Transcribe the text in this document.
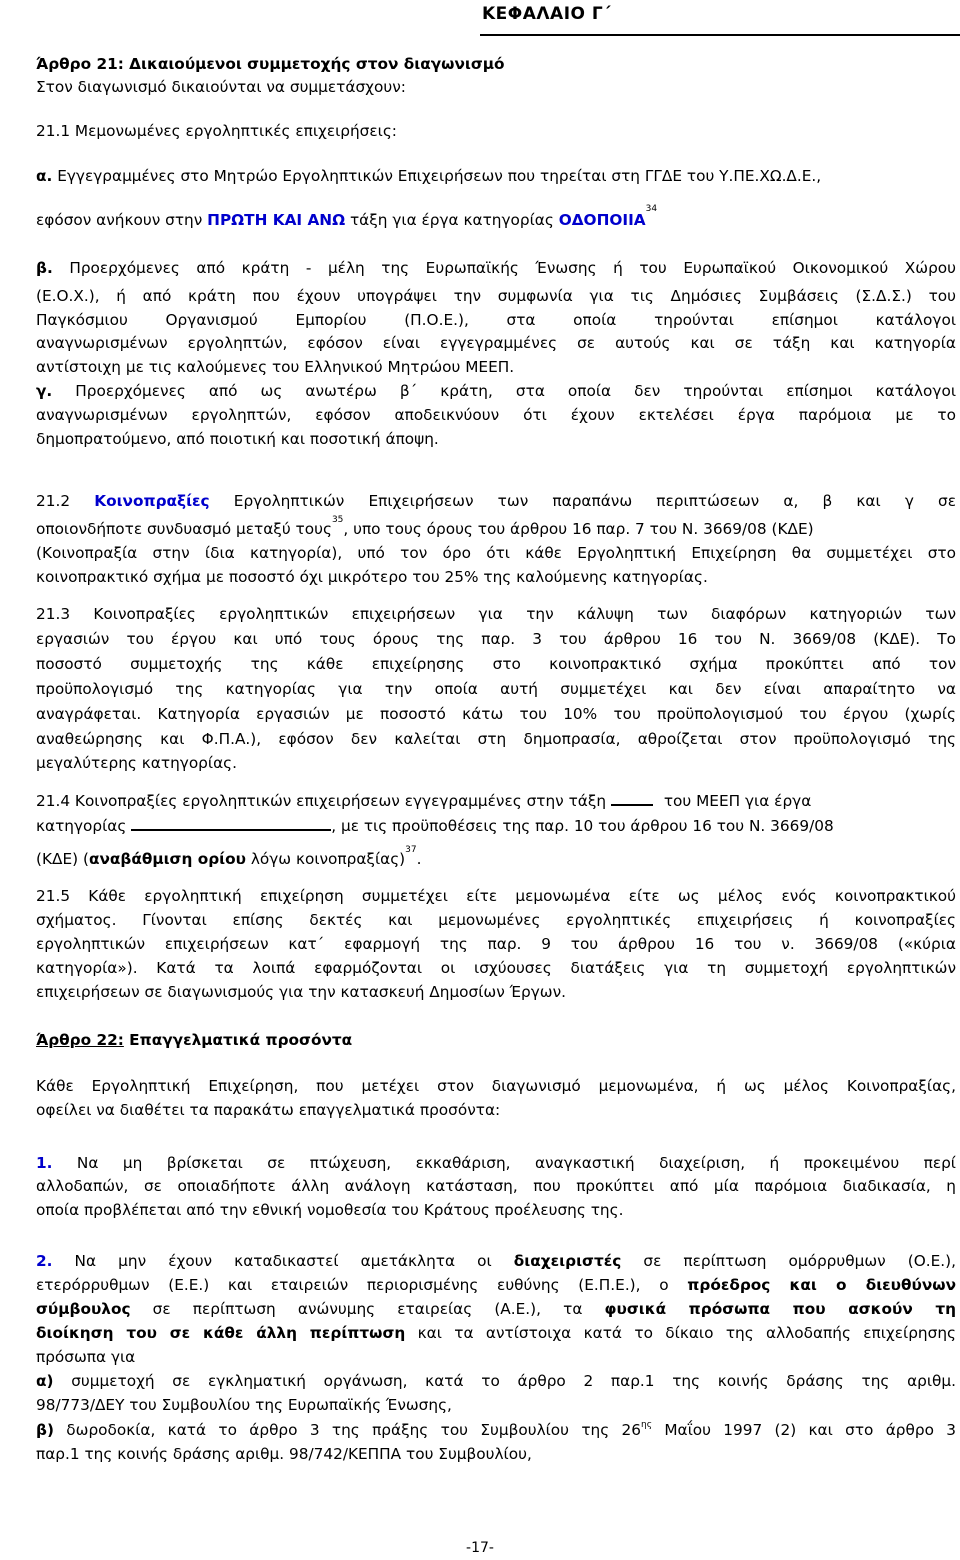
ΚΕΦΑΛΑΙΟ Γ΄
Άρθρο 21: Δικαιούμενοι συμμετοχής στον διαγωνισμό
Στον διαγωνισμό δικαιούνται να συμμετάσχουν:
21.1 Μεμονωμένες εργοληπτικές επιχειρήσεις:
α. Εγγεγραμμένες στο Μητρώο Εργοληπτικών Επιχειρήσεων που τηρείται στη ΓΓΔΕ του Υ.ΠΕ.ΧΩ.Δ.Ε.,
εφόσον ανήκουν στην ΠΡΩΤΗ ΚΑΙ ΑΝΩ τάξη για έργα κατηγορίας ΟΔΟΠΟΙΙΑ$^{34}$
β. Προερχόμενες από κράτη - μέλη της Ευρωπαϊκής Ένωσης ή του Ευρωπαϊκού Οικονομικού Χώρου
(Ε.Ο.Χ.), ή από κράτη που έχουν υπογράψει την συμφωνία για τις Δημόσιες Συμβάσεις (Σ.Δ.Σ.) του
Παγκόσμιου Οργανισμού Εμπορίου (Π.Ο.Ε.), στα οποία τηρούνται επίσημοι κατάλογοι
αναγνωρισμένων εργοληπτών, εφόσον είναι εγγεγραμμένες σε αυτούς και σε τάξη και κατηγορία
αντίστοιχη με τις καλούμενες του Ελληνικού Μητρώου ΜΕΕΠ.
γ. Προερχόμενες από ως ανωτέρω β΄ κράτη, στα οποία δεν τηρούνται επίσημοι κατάλογοι
αναγνωρισμένων εργοληπτών, εφόσον αποδεικνύουν ότι έχουν εκτελέσει έργα παρόμοια με το
δημοπρατούμενο, από ποιοτική και ποσοτική άποψη.
21.2 Κοινοπραξίες Εργοληπτικών Επιχειρήσεων των παραπάνω περιπτώσεων α, β και γ σε
οποιονδήποτε συνδυασμό μεταξύ τους$^{35}$, υπο τους όρους του άρθρου 16 παρ. 7 του Ν. 3669/08 (ΚΔΕ)
(Κοινοπραξία στην ίδια κατηγορία), υπό τον όρο ότι κάθε Εργοληπτική Επιχείρηση θα συμμετέχει στο
κοινοπρακτικό σχήμα με ποσοστό όχι μικρότερο του 25% της καλούμενης κατηγορίας.
21.3 Κοινοπραξίες εργοληπτικών επιχειρήσεων για την κάλυψη των διαφόρων κατηγοριών των
εργασιών του έργου και υπό τους όρους της παρ. 3 του άρθρου 16 του Ν. 3669/08 (ΚΔΕ). Το
ποσοστό συμμετοχής της κάθε επιχείρησης στο κοινοπρακτικό σχήμα προκύπτει από τον
προϋπολογισμό της κατηγορίας για την οποία αυτή συμμετέχει και δεν είναι απαραίτητο να
αναγράφεται. Κατηγορία εργασιών με ποσοστό κάτω του 10% του προϋπολογισμού του έργου (χωρίς
αναθεώρησης και Φ.Π.Α.), εφόσον δεν καλείται στη δημοπρασία, αθροίζεται στον προϋπολογισμό της
μεγαλύτερης κατηγορίας.
21.4 Κοινοπραξίες εργοληπτικών επιχειρήσεων εγγεγραμμένες στην τάξη	του ΜΕΕΠ για έργα
κατηγορίας	, με τις προϋποθέσεις της παρ. 10 του άρθρου 16 του Ν. 3669/08
(ΚΔΕ) (αναβάθμιση ορίου λόγω κοινοπραξίας)$^{37}$.
21.5 Κάθε εργοληπτική επιχείρηση συμμετέχει είτε μεμονωμένα είτε ως μέλος ενός κοινοπρακτικού
σχήματος. Γίνονται επίσης δεκτές και μεμονωμένες εργοληπτικές επιχειρήσεις ή κοινοπραξίες
εργοληπτικών επιχειρήσεων κατ΄ εφαρμογή της παρ. 9 του άρθρου 16 του ν. 3669/08 («κύρια
κατηγορία»). Κατά τα λοιπά εφαρμόζονται οι ισχύουσες διατάξεις για τη συμμετοχή εργοληπτικών
επιχειρήσεων σε διαγωνισμούς για την κατασκευή Δημοσίων Έργων.
Άρθρο 22: Επαγγελματικά προσόντα
Κάθε Εργοληπτική Επιχείρηση, που μετέχει στον διαγωνισμό μεμονωμένα, ή ως μέλος Κοινοπραξίας,
οφείλει να διαθέτει τα παρακάτω επαγγελματικά προσόντα:
1. Να μη βρίσκεται σε πτώχευση, εκκαθάριση, αναγκαστική διαχείριση, ή προκειμένου περί
αλλοδαπών, σε οποιαδήποτε άλλη ανάλογη κατάσταση, που προκύπτει από μία παρόμοια διαδικασία, η
οποία προβλέπεται από την εθνική νομοθεσία του Κράτους προέλευσης της.
2. Να μην έχουν καταδικαστεί αμετάκλητα οι διαχειριστές σε περίπτωση ομόρρυθμων (Ο.Ε.),
ετερόρρυθμων (Ε.Ε.) και εταιρειών περιορισμένης ευθύνης (Ε.Π.Ε.), ο πρόεδρος και ο διευθύνων
σύμβουλος σε περίπτωση ανώνυμης εταιρείας (Α.Ε.), τα φυσικά πρόσωπα που ασκούν τη
διοίκηση του σε κάθε άλλη περίπτωση και τα αντίστοιχα κατά το δίκαιο της αλλοδαπής επιχείρησης
πρόσωπα για
α) συμμετοχή σε εγκληματική οργάνωση, κατά το άρθρο 2 παρ.1 της κοινής δράσης της αριθμ.
98/773/ΔΕΥ του Συμβουλίου της Ευρωπαϊκής Ένωσης,
β) δωροδοκία, κατά το άρθρο 3 της πράξης του Συμβουλίου της $26^{\eta\varsigma}$ Μαΐου 1997 (2) και στο άρθρο 3
παρ.1 της κοινής δράσης αριθμ. 98/742/ΚΕΠΠΑ του Συμβουλίου,
-17-
